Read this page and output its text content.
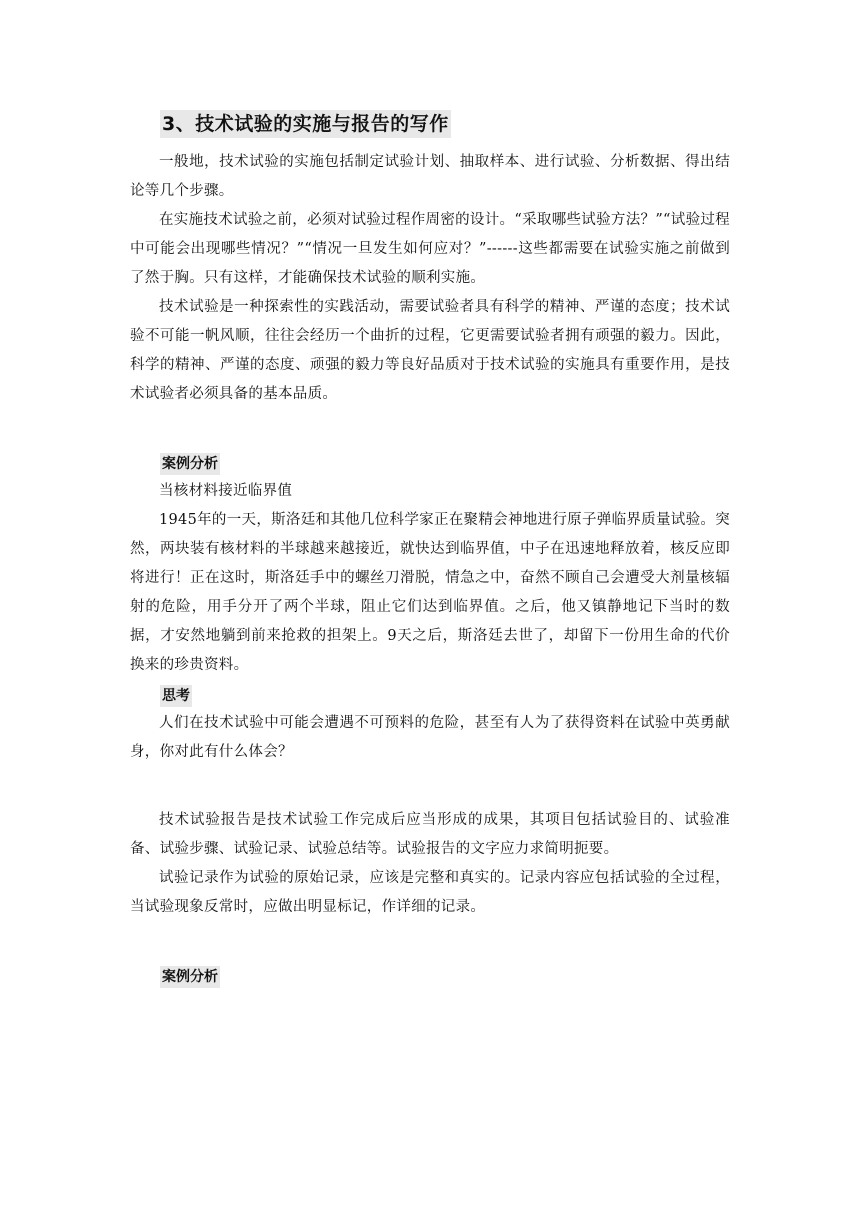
3、技术试验的实施与报告的写作

一般地，技术试验的实施包括制定试验计划、抽取样本、进行试验、分析数据、得出结论等几个步骤。

在实施技术试验之前，必须对试验过程作周密的设计。“采取哪些试验方法？”“试验过程中可能会出现哪些情况？”“情况一旦发生如何应对？”------这些都需要在试验实施之前做到了然于胸。只有这样，才能确保技术试验的顺利实施。

技术试验是一种探索性的实践活动，需要试验者具有科学的精神、严谨的态度；技术试验不可能一帆风顺，往往会经历一个曲折的过程，它更需要试验者拥有顽强的毅力。因此，科学的精神、严谨的态度、顽强的毅力等良好品质对于技术试验的实施具有重要作用，是技术试验者必须具备的基本品质。

案例分析

当核材料接近临界值

1945年的一天，斯洛廷和其他几位科学家正在聚精会神地进行原子弹临界质量试验。突然，两块装有核材料的半球越来越接近，就快达到临界值，中子在迅速地释放着，核反应即将进行！正在这时，斯洛廷手中的螺丝刀滑脱，情急之中，奋然不顾自己会遭受大剂量核辐射的危险，用手分开了两个半球，阻止它们达到临界值。之后，他又镇静地记下当时的数据，才安然地躺到前来抢救的担架上。9天之后，斯洛廷去世了，却留下一份用生命的代价换来的珍贵资料。

思考

人们在技术试验中可能会遭遇不可预料的危险，甚至有人为了获得资料在试验中英勇献身，你对此有什么体会？

技术试验报告是技术试验工作完成后应当形成的成果，其项目包括试验目的、试验准备、试验步骤、试验记录、试验总结等。试验报告的文字应力求简明扼要。

试验记录作为试验的原始记录，应该是完整和真实的。记录内容应包括试验的全过程，当试验现象反常时，应做出明显标记，作详细的记录。

案例分析
